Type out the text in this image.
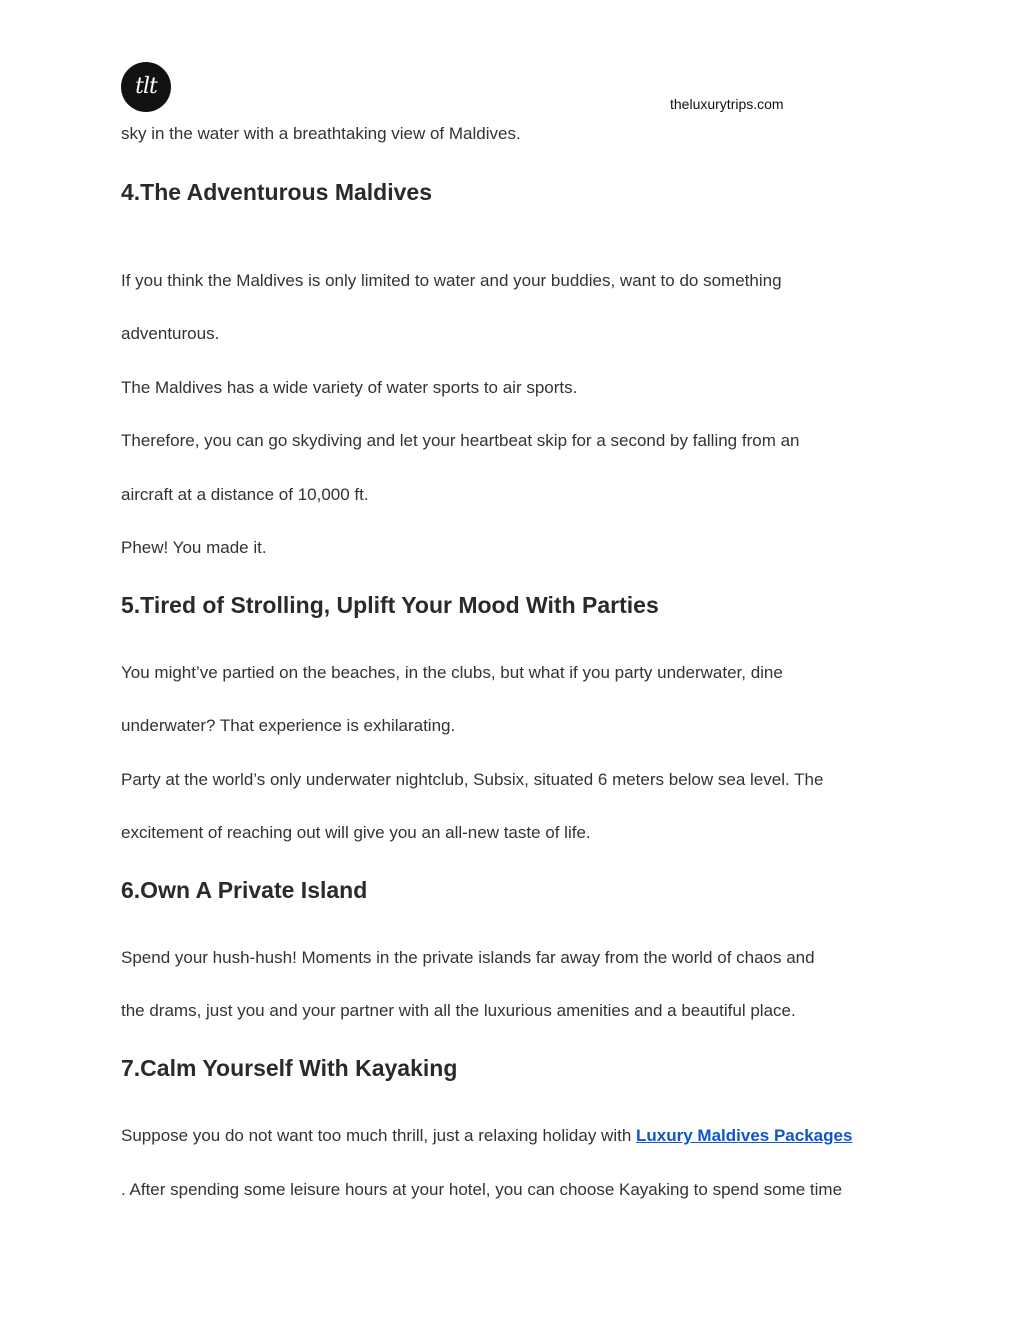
tlt
theluxurytrips.com

sky in the water with a breathtaking view of Maldives.

4.The Adventurous Maldives

If you think the Maldives is only limited to water and your buddies, want to do something

adventurous.

The Maldives has a wide variety of water sports to air sports.

Therefore, you can go skydiving and let your heartbeat skip for a second by falling from an

aircraft at a distance of 10,000 ft.

Phew! You made it.

5.Tired of Strolling, Uplift Your Mood With Parties

You might’ve partied on the beaches, in the clubs, but what if you party underwater, dine

underwater? That experience is exhilarating.

Party at the world’s only underwater nightclub, Subsix, situated 6 meters below sea level. The

excitement of reaching out will give you an all-new taste of life.

6.Own A Private Island

Spend your hush-hush! Moments in the private islands far away from the world of chaos and

the drams, just you and your partner with all the luxurious amenities and a beautiful place.

7.Calm Yourself With Kayaking

Suppose you do not want too much thrill, just a relaxing holiday with Luxury Maldives Packages

. After spending some leisure hours at your hotel, you can choose Kayaking to spend some time
